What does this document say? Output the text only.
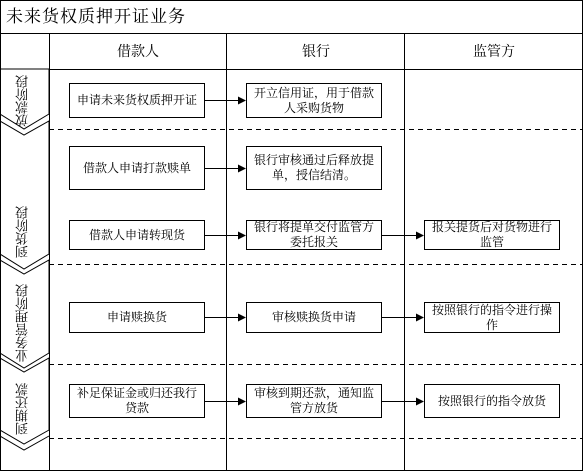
未来货权质押开证业务
借款人	银行	监管方
放款阶段
到货阶段
业务管理阶段
到期还款
申请未来货权质押开证
开立信用证，用于借款人采购货物
借款人申请打款赎单
银行审核通过后释放提单，授信结清。
借款人申请转现货
银行将提单交付监管方委托报关
报关提货后对货物进行监管
申请赎换货	审核赎换货申请
按照银行的指令进行操作
补足保证金或归还我行贷款
审核到期还款，通知监管方放货
按照银行的指令放货
